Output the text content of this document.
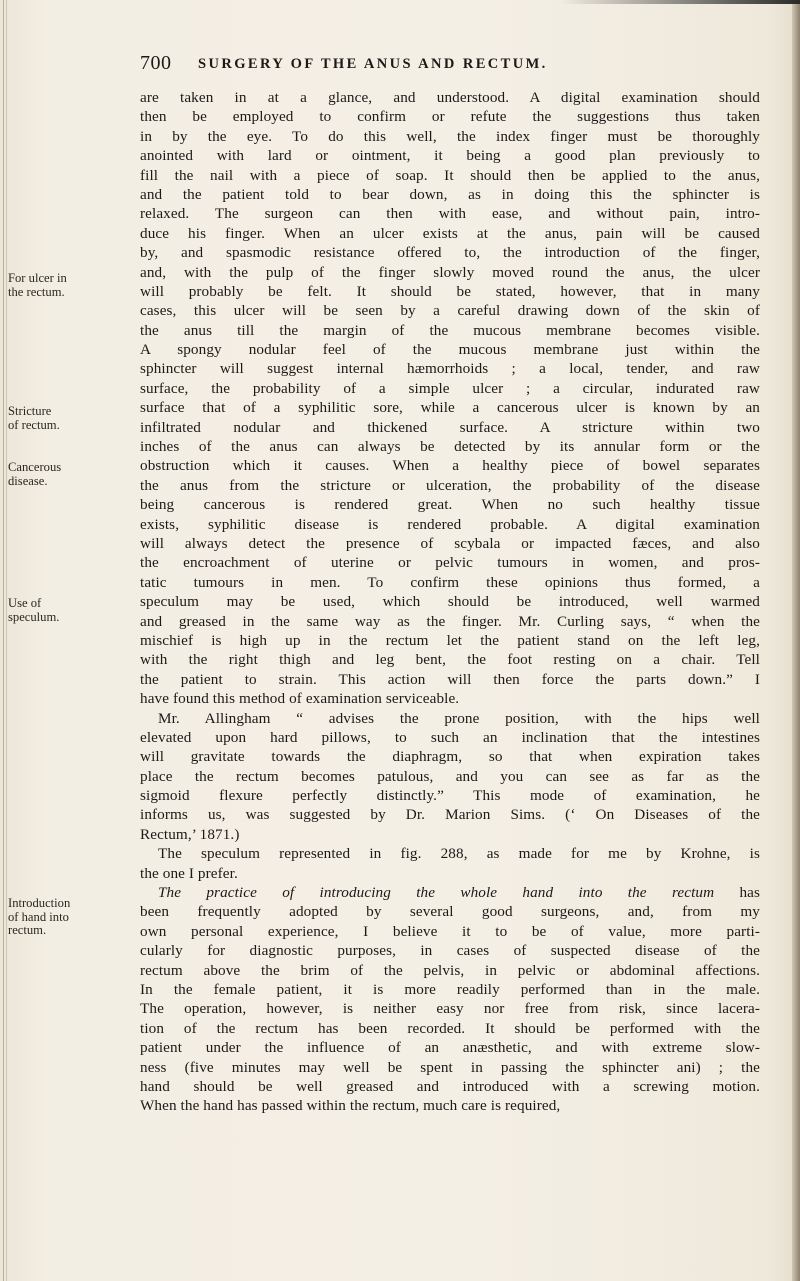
700 SURGERY OF THE ANUS AND RECTUM.
For ulcer in
the rectum.
Stricture
of rectum.
Cancerous
disease.
Use of
speculum.
Introduction
of hand into
rectum.
are taken in at a glance, and understood. A digital examination should
then be employed to confirm or refute the suggestions thus taken
in by the eye. To do this well, the index finger must be thoroughly
anointed with lard or ointment, it being a good plan previously to
fill the nail with a piece of soap. It should then be applied to the anus,
and the patient told to bear down, as in doing this the sphincter is
relaxed. The surgeon can then with ease, and without pain, intro-
duce his finger. When an ulcer exists at the anus, pain will be caused
by, and spasmodic resistance offered to, the introduction of the finger,
and, with the pulp of the finger slowly moved round the anus, the ulcer
will probably be felt. It should be stated, however, that in many
cases, this ulcer will be seen by a careful drawing down of the skin of
the anus till the margin of the mucous membrane becomes visible.
A spongy nodular feel of the mucous membrane just within the
sphincter will suggest internal hæmorrhoids ; a local, tender, and raw
surface, the probability of a simple ulcer ; a circular, indurated raw
surface that of a syphilitic sore, while a cancerous ulcer is known by an
infiltrated nodular and thickened surface. A stricture within two
inches of the anus can always be detected by its annular form or the
obstruction which it causes. When a healthy piece of bowel separates
the anus from the stricture or ulceration, the probability of the disease
being cancerous is rendered great. When no such healthy tissue
exists, syphilitic disease is rendered probable. A digital examination
will always detect the presence of scybala or impacted fæces, and also
the encroachment of uterine or pelvic tumours in women, and pros-
tatic tumours in men. To confirm these opinions thus formed, a
speculum may be used, which should be introduced, well warmed
and greased in the same way as the finger. Mr. Curling says, “ when the
mischief is high up in the rectum let the patient stand on the left leg,
with the right thigh and leg bent, the foot resting on a chair. Tell
the patient to strain. This action will then force the parts down.” I
have found this method of examination serviceable.
Mr. Allingham “ advises the prone position, with the hips well
elevated upon hard pillows, to such an inclination that the intestines
will gravitate towards the diaphragm, so that when expiration takes
place the rectum becomes patulous, and you can see as far as the
sigmoid flexure perfectly distinctly.” This mode of examination, he
informs us, was suggested by Dr. Marion Sims. (‘ On Diseases of the
Rectum,’ 1871.)
The speculum represented in fig. 288, as made for me by Krohne, is
the one I prefer.
The practice of introducing the whole hand into the rectum has
been frequently adopted by several good surgeons, and, from my
own personal experience, I believe it to be of value, more parti-
cularly for diagnostic purposes, in cases of suspected disease of the
rectum above the brim of the pelvis, in pelvic or abdominal affections.
In the female patient, it is more readily performed than in the male.
The operation, however, is neither easy nor free from risk, since lacera-
tion of the rectum has been recorded. It should be performed with the
patient under the influence of an anæsthetic, and with extreme slow-
ness (five minutes may well be spent in passing the sphincter ani) ; the
hand should be well greased and introduced with a screwing motion.
When the hand has passed within the rectum, much care is required,
